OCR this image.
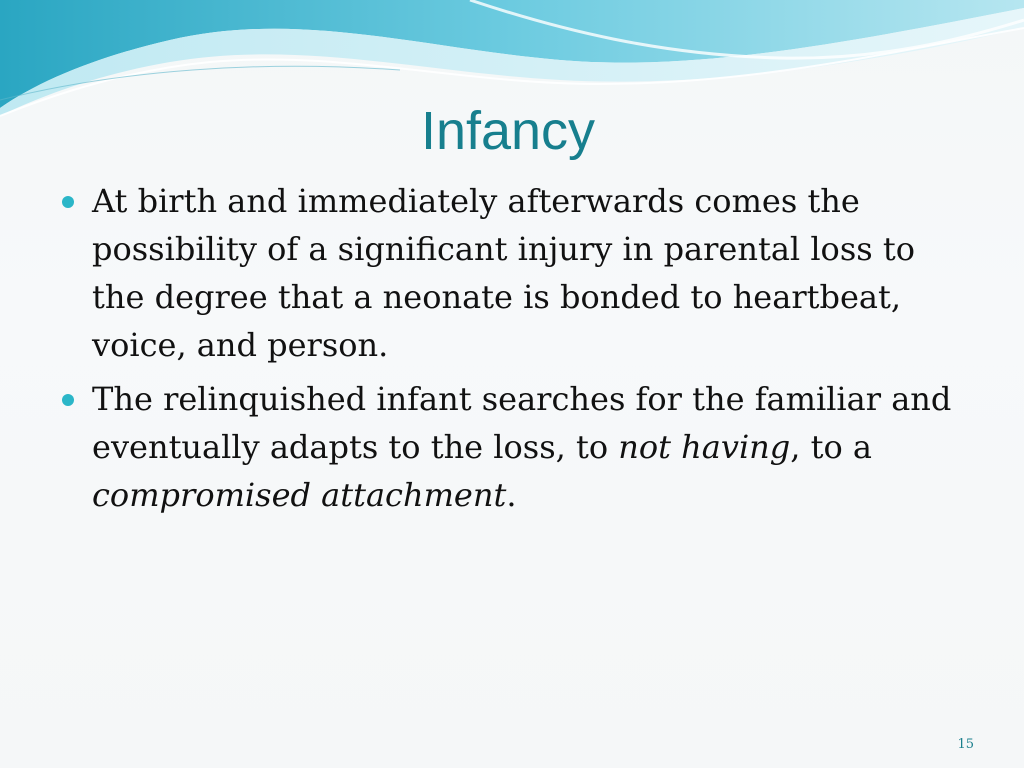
Infancy
At birth and immediately afterwards comes the possibility of a significant injury in parental loss to the degree that a neonate is bonded to heartbeat, voice, and person.
The relinquished infant searches for the familiar and eventually adapts to the loss, to not having, to a compromised attachment.
15
